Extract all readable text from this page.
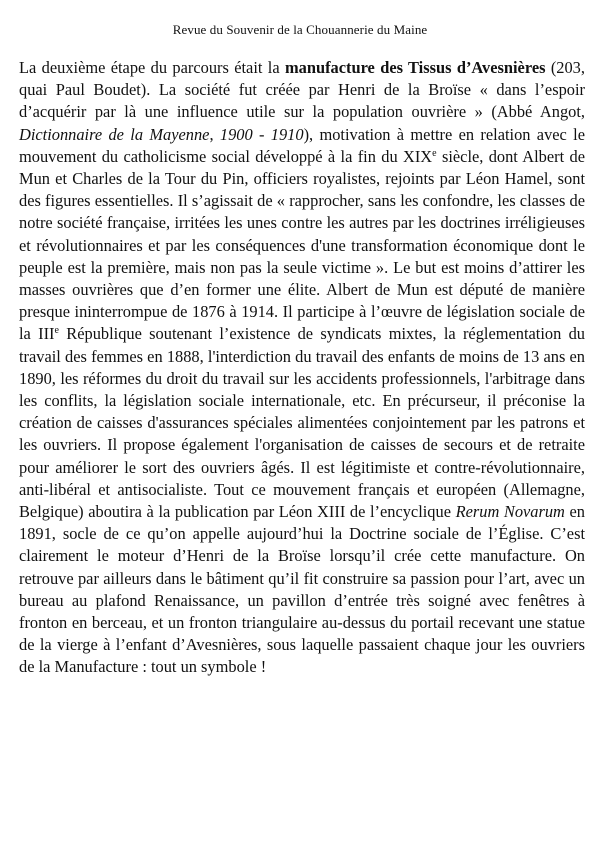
Revue du Souvenir de la Chouannerie du Maine

La deuxième étape du parcours était la manufacture des Tissus d’Avesnières (203, quai Paul Boudet). La société fut créée par Henri de la Broïse « dans l’espoir d’acquérir par là une influence utile sur la population ouvrière » (Abbé Angot, Dictionnaire de la Mayenne, 1900 - 1910), motivation à mettre en relation avec le mouvement du catholicisme social développé à la fin du XIXe siècle, dont Albert de Mun et Charles de la Tour du Pin, officiers royalistes, rejoints par Léon Hamel, sont des figures essentielles. Il s’agissait de « rapprocher, sans les confondre, les classes de notre société française, irritées les unes contre les autres par les doctrines irréligieuses et révolutionnaires et par les conséquences d'une transformation économique dont le peuple est la première, mais non pas la seule victime ». Le but est moins d’attirer les masses ouvrières que d’en former une élite. Albert de Mun est député de manière presque ininterrompue de 1876 à 1914. Il participe à l’œuvre de législation sociale de la IIIe République soutenant l’existence de syndicats mixtes, la réglementation du travail des femmes en 1888, l'interdiction du travail des enfants de moins de 13 ans en 1890, les réformes du droit du travail sur les accidents professionnels, l'arbitrage dans les conflits, la législation sociale internationale, etc. En précurseur, il préconise la création de caisses d'assurances spéciales alimentées conjointement par les patrons et les ouvriers. Il propose également l'organisation de caisses de secours et de retraite pour améliorer le sort des ouvriers âgés. Il est légitimiste et contre-révolutionnaire, anti-libéral et antisocialiste. Tout ce mouvement français et européen (Allemagne, Belgique) aboutira à la publication par Léon XIII de l’encyclique Rerum Novarum en 1891, socle de ce qu’on appelle aujourd’hui la Doctrine sociale de l’Église. C’est clairement le moteur d’Henri de la Broïse lorsqu’il crée cette manufacture. On retrouve par ailleurs dans le bâtiment qu’il fit construire sa passion pour l’art, avec un bureau au plafond Renaissance, un pavillon d’entrée très soigné avec fenêtres à fronton en berceau, et un fronton triangulaire au-dessus du portail recevant une statue de la vierge à l’enfant d’Avesnières, sous laquelle passaient chaque jour les ouvriers de la Manufacture : tout un symbole !
